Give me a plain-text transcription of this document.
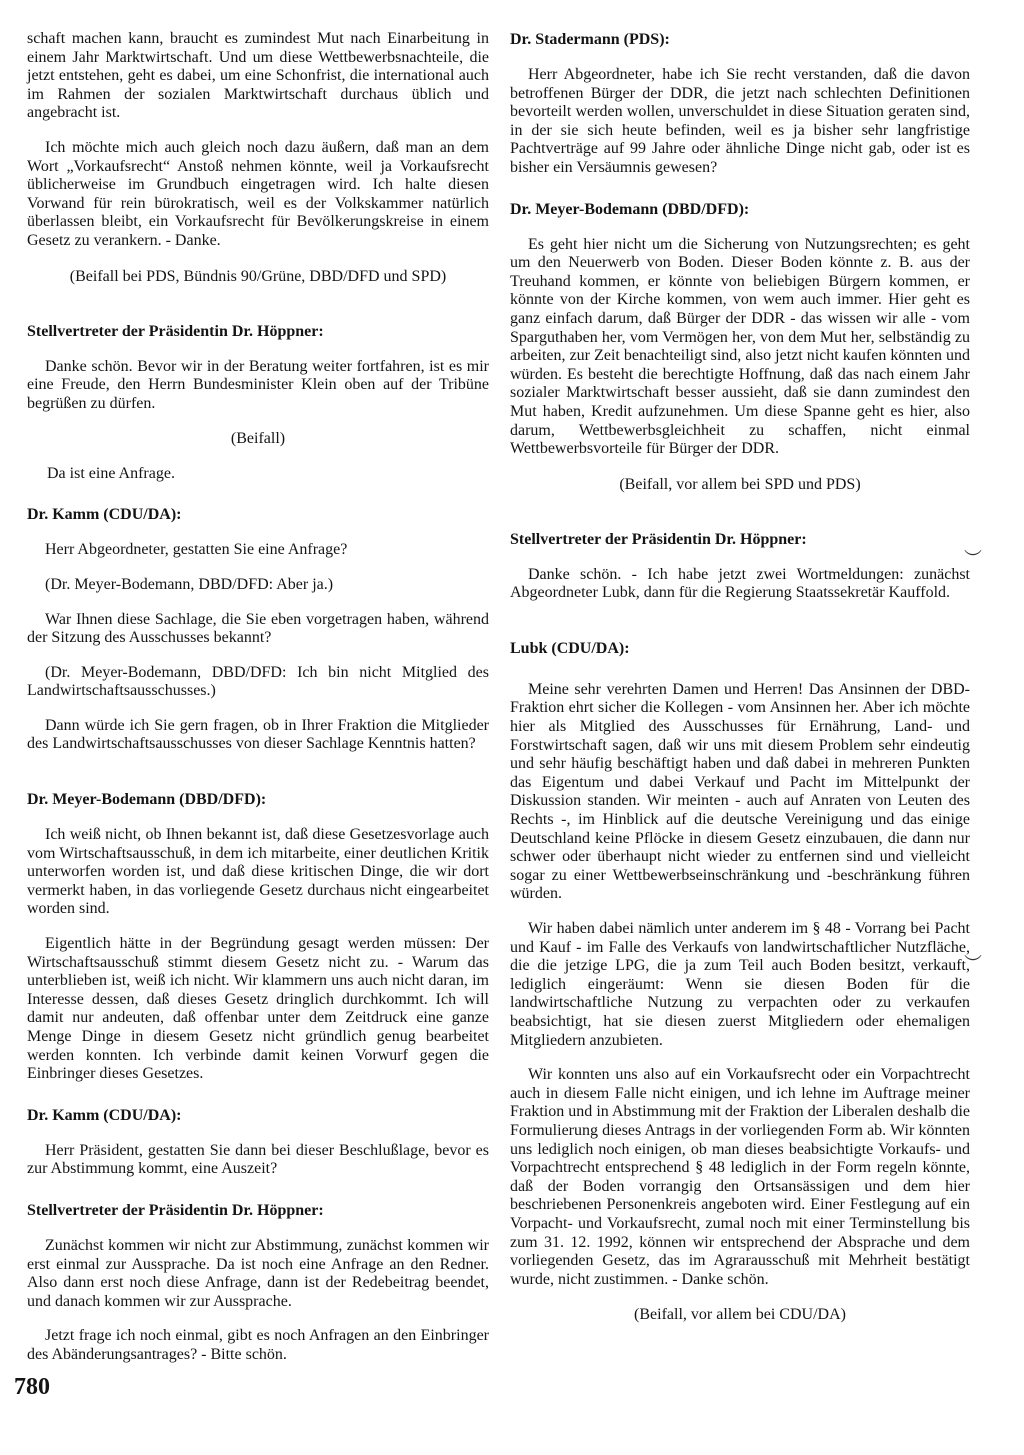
schaft machen kann, braucht es zumindest Mut nach Einarbeitung in einem Jahr Marktwirtschaft. Und um diese Wettbewerbsnachteile, die jetzt entstehen, geht es dabei, um eine Schonfrist, die international auch im Rahmen der sozialen Marktwirtschaft durchaus üblich und angebracht ist.

Ich möchte mich auch gleich noch dazu äußern, daß man an dem Wort „Vorkaufsrecht“ Anstoß nehmen könnte, weil ja Vorkaufsrecht üblicherweise im Grundbuch eingetragen wird. Ich halte diesen Vorwand für rein bürokratisch, weil es der Volkskammer natürlich überlassen bleibt, ein Vorkaufsrecht für Bevölkerungskreise in einem Gesetz zu verankern. - Danke.

(Beifall bei PDS, Bündnis 90/Grüne, DBD/DFD und SPD)

Stellvertreter der Präsidentin Dr. Höppner:

Danke schön. Bevor wir in der Beratung weiter fortfahren, ist es mir eine Freude, den Herrn Bundesminister Klein oben auf der Tribüne begrüßen zu dürfen.

(Beifall)

Da ist eine Anfrage.

Dr. Kamm (CDU/DA):

Herr Abgeordneter, gestatten Sie eine Anfrage?

(Dr. Meyer-Bodemann, DBD/DFD: Aber ja.)

War Ihnen diese Sachlage, die Sie eben vorgetragen haben, während der Sitzung des Ausschusses bekannt?

(Dr. Meyer-Bodemann, DBD/DFD: Ich bin nicht Mitglied des Landwirtschaftsausschusses.)

Dann würde ich Sie gern fragen, ob in Ihrer Fraktion die Mitglieder des Landwirtschaftsausschusses von dieser Sachlage Kenntnis hatten?

Dr. Meyer-Bodemann (DBD/DFD):

Ich weiß nicht, ob Ihnen bekannt ist, daß diese Gesetzesvorlage auch vom Wirtschaftsausschuß, in dem ich mitarbeite, einer deutlichen Kritik unterworfen worden ist, und daß diese kritischen Dinge, die wir dort vermerkt haben, in das vorliegende Gesetz durchaus nicht eingearbeitet worden sind.

Eigentlich hätte in der Begründung gesagt werden müssen: Der Wirtschaftsausschuß stimmt diesem Gesetz nicht zu. - Warum das unterblieben ist, weiß ich nicht. Wir klammern uns auch nicht daran, im Interesse dessen, daß dieses Gesetz dringlich durchkommt. Ich will damit nur andeuten, daß offenbar unter dem Zeitdruck eine ganze Menge Dinge in diesem Gesetz nicht gründlich genug bearbeitet werden konnten. Ich verbinde damit keinen Vorwurf gegen die Einbringer dieses Gesetzes.

Dr. Kamm (CDU/DA):

Herr Präsident, gestatten Sie dann bei dieser Beschlußlage, bevor es zur Abstimmung kommt, eine Auszeit?

Stellvertreter der Präsidentin Dr. Höppner:

Zunächst kommen wir nicht zur Abstimmung, zunächst kommen wir erst einmal zur Aussprache. Da ist noch eine Anfrage an den Redner. Also dann erst noch diese Anfrage, dann ist der Redebeitrag beendet, und danach kommen wir zur Aussprache.

Jetzt frage ich noch einmal, gibt es noch Anfragen an den Einbringer des Abänderungsantrages? - Bitte schön.

Dr. Stadermann (PDS):

Herr Abgeordneter, habe ich Sie recht verstanden, daß die davon betroffenen Bürger der DDR, die jetzt nach schlechten Definitionen bevorteilt werden wollen, unverschuldet in diese Situation geraten sind, in der sie sich heute befinden, weil es ja bisher sehr langfristige Pachtverträge auf 99 Jahre oder ähnliche Dinge nicht gab, oder ist es bisher ein Versäumnis gewesen?

Dr. Meyer-Bodemann (DBD/DFD):

Es geht hier nicht um die Sicherung von Nutzungsrechten; es geht um den Neuerwerb von Boden. Dieser Boden könnte z. B. aus der Treuhand kommen, er könnte von beliebigen Bürgern kommen, er könnte von der Kirche kommen, von wem auch immer. Hier geht es ganz einfach darum, daß Bürger der DDR - das wissen wir alle - vom Sparguthaben her, vom Vermögen her, von dem Mut her, selbständig zu arbeiten, zur Zeit benachteiligt sind, also jetzt nicht kaufen könnten und würden. Es besteht die berechtigte Hoffnung, daß das nach einem Jahr sozialer Marktwirtschaft besser aussieht, daß sie dann zumindest den Mut haben, Kredit aufzunehmen. Um diese Spanne geht es hier, also darum, Wettbewerbsgleichheit zu schaffen, nicht einmal Wettbewerbsvorteile für Bürger der DDR.

(Beifall, vor allem bei SPD und PDS)

Stellvertreter der Präsidentin Dr. Höppner:

Danke schön. - Ich habe jetzt zwei Wortmeldungen: zunächst Abgeordneter Lubk, dann für die Regierung Staatssekretär Kauffold.

Lubk (CDU/DA):

Meine sehr verehrten Damen und Herren! Das Ansinnen der DBD-Fraktion ehrt sicher die Kollegen - vom Ansinnen her. Aber ich möchte hier als Mitglied des Ausschusses für Ernährung, Land- und Forstwirtschaft sagen, daß wir uns mit diesem Problem sehr eindeutig und sehr häufig beschäftigt haben und daß dabei in mehreren Punkten das Eigentum und dabei Verkauf und Pacht im Mittelpunkt der Diskussion standen. Wir meinten - auch auf Anraten von Leuten des Rechts -, im Hinblick auf die deutsche Vereinigung und das einige Deutschland keine Pflöcke in diesem Gesetz einzubauen, die dann nur schwer oder überhaupt nicht wieder zu entfernen sind und vielleicht sogar zu einer Wettbewerbseinschränkung und -beschränkung führen würden.

Wir haben dabei nämlich unter anderem im § 48 - Vorrang bei Pacht und Kauf - im Falle des Verkaufs von landwirtschaftlicher Nutzfläche, die die jetzige LPG, die ja zum Teil auch Boden besitzt, verkauft, lediglich eingeräumt: Wenn sie diesen Boden für die landwirtschaftliche Nutzung zu verpachten oder zu verkaufen beabsichtigt, hat sie diesen zuerst Mitgliedern oder ehemaligen Mitgliedern anzubieten.

Wir konnten uns also auf ein Vorkaufsrecht oder ein Vorpachtrecht auch in diesem Falle nicht einigen, und ich lehne im Auftrage meiner Fraktion und in Abstimmung mit der Fraktion der Liberalen deshalb die Formulierung dieses Antrags in der vorliegenden Form ab. Wir könnten uns lediglich noch einigen, ob man dieses beabsichtigte Vorkaufs- und Vorpachtrecht entsprechend § 48 lediglich in der Form regeln könnte, daß der Boden vorrangig den Ortsansässigen und dem hier beschriebenen Personenkreis angeboten wird. Einer Festlegung auf ein Vorpacht- und Vorkaufsrecht, zumal noch mit einer Terminstellung bis zum 31. 12. 1992, können wir entsprechend der Absprache und dem vorliegenden Gesetz, das im Agrarausschuß mit Mehrheit bestätigt wurde, nicht zustimmen. - Danke schön.

(Beifall, vor allem bei CDU/DA)

︶
︶

780
